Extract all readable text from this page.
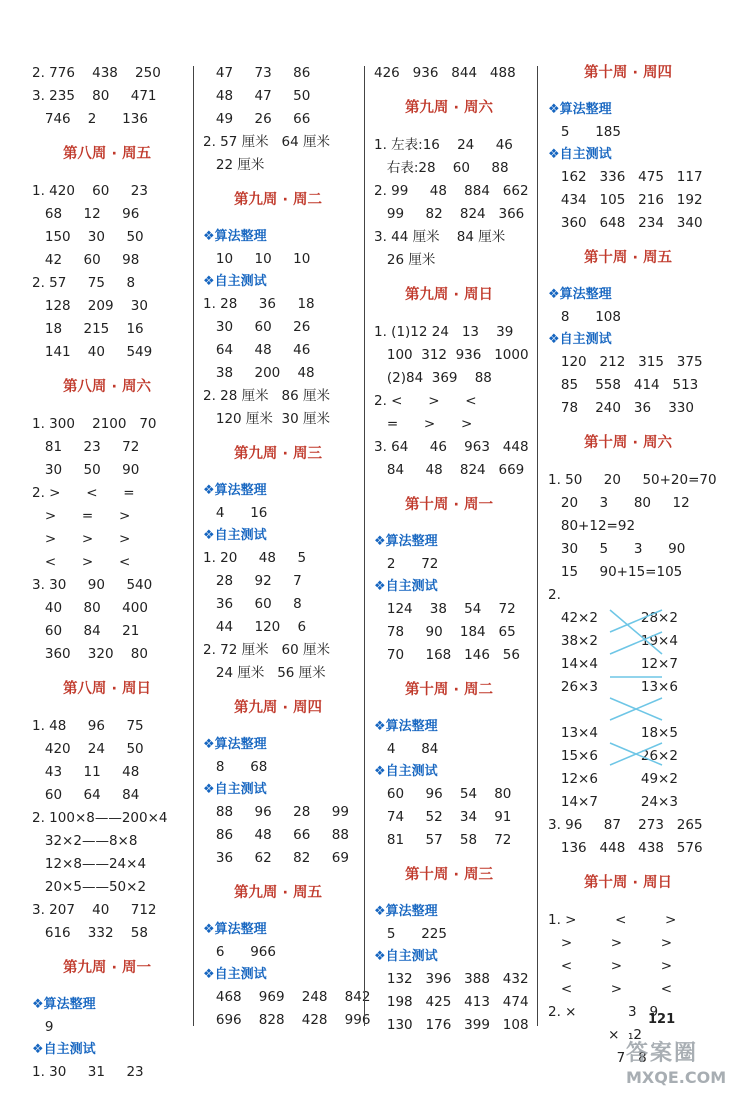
2. 776    438    250
3. 235    80     471
746    2      136
第八周 · 周五
1. 420    60     23
68     12     96
150    30     50
42     60     98
2. 57     75     8
128    209    30
18     215    16
141    40     549
第八周 · 周六
1. 300    2100   70
81     23     72
30     50     90
2. >      <      =
>      =      >
>      >      >
<      >      <
3. 30     90     540
40     80     400
60     84     21
360    320    80
第八周 · 周日
1. 48     96     75
420    24     50
43     11     48
60     64     84
2. 100×8——200×4
32×2——8×8
12×8——24×4
20×5——50×2
3. 207    40     712
616    332    58
第九周 · 周一
❖ 算法整理
9
❖ 自主测试
1. 30     31     23
47     73     86
48     47     50
49     26     66
2. 57 厘米   64 厘米
22 厘米
第九周 · 周二
❖ 算法整理
10     10     10
❖ 自主测试
1. 28     36     18
30     60     26
64     48     46
38     200    48
2. 28 厘米   86 厘米
120 厘米  30 厘米
第九周 · 周三
❖ 算法整理
4      16
❖ 自主测试
1. 20     48     5
28     92     7
36     60     8
44     120    6
2. 72 厘米   60 厘米
24 厘米   56 厘米
第九周 · 周四
❖ 算法整理
8      68
❖ 自主测试
88     96     28     99
86     48     66     88
36     62     82     69
第九周 · 周五
❖ 算法整理
6      966
❖ 自主测试
468    969    248    842
696    828    428    996
426   936   844   488
第九周 · 周六
1. 左表:16    24     46
右表:28    60     88
2. 99     48    884   662
99     82    824   366
3. 44 厘米    84 厘米
26 厘米
第九周 · 周日
1. (1)12 24   13    39
100  312  936   1000
(2)84  369    88
2. <      >      <
=      >      >
3. 64     46    963   448
84     48    824   669
第十周 · 周一
❖ 算法整理
2      72
❖ 自主测试
124    38    54    72
78     90    184   65
70     168   146   56
第十周 · 周二
❖ 算法整理
4      84
❖ 自主测试
60     96    54    80
74     52    34    91
81     57    58    72
第十周 · 周三
❖ 算法整理
5      225
❖ 自主测试
132   396   388   432
198   425   413   474
130   176   399   108
第十周 · 周四
❖ 算法整理
5      185
❖ 自主测试
162   336   475   117
434   105   216   192
360   648   234   340
第十周 · 周五
❖ 算法整理
8      108
❖ 自主测试
120   212   315   375
85    558   414   513
78    240   36    330
第十周 · 周六
1. 50     20     50+20=70
20     3      80     12
80+12=92
30     5      3      90
15     90+15=105
2.
42×2          28×2
38×2          19×4
14×4          12×7
26×3          13×6
13×4          18×5
15×6          26×2
12×6          49×2
14×7          24×3
3. 96     87    273   265
136   448   438   576
第十周 · 周日
1. >         <         >
>         >         >
<         >         >
<         >         <
2. ×            3   9
×  ₁2
7   8
121
答案圈
MXQE.COM
